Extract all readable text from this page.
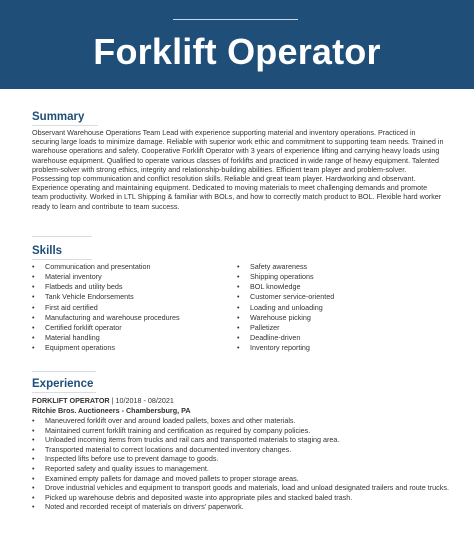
Forklift Operator
Summary
Observant Warehouse Operations Team Lead with experience supporting material and inventory operations. Practiced in securing large loads to minimize damage. Reliable with superior work ethic and commitment to supporting team needs. Trained in warehouse operations and safety. Cooperative Forklift Operator with 3 years of experience lifting and carrying heavy loads using warehouse equipment. Qualified to operate various classes of forklifts and practiced in wide range of heavy equipment. Talented problem-solver with strong ethics, integrity and relationship-building abilities. Efficient team player and problem-solver. Possessing top communication and conflict resolution skills. Reliable and great team player. Hardworking and observant. Experience operating and maintaining equipment. Dedicated to moving materials to meet challenging demands and promote team productivity. Worked in LTL Shipping & familiar with BOLs, and how to correctly match product to BOL. Flexible hard worker ready to learn and contribute to team success.
Skills
• Communication and presentation
• Material inventory
• Flatbeds and utility beds
• Tank Vehicle Endorsements
• First aid certified
• Manufacturing and warehouse procedures
• Certified forklift operator
• Material handling
• Equipment operations
• Safety awareness
• Shipping operations
• BOL knowledge
• Customer service-oriented
• Loading and unloading
• Warehouse picking
• Palletizer
• Deadline-driven
• Inventory reporting
Experience
FORKLIFT OPERATOR | 10/2018 - 08/2021
Ritchie Bros. Auctioneers - Chambersburg, PA
• Maneuvered forklift over and around loaded pallets, boxes and other materials.
• Maintained current forklift training and certification as required by company policies.
• Unloaded incoming items from trucks and rail cars and transported materials to staging area.
• Transported material to correct locations and documented inventory changes.
• Inspected lifts before use to prevent damage to goods.
• Reported safety and quality issues to management.
• Examined empty pallets for damage and moved pallets to proper storage areas.
• Drove industrial vehicles and equipment to transport goods and materials, load and unload designated trailers and route trucks.
• Picked up warehouse debris and deposited waste into appropriate piles and stacked baled trash.
• Noted and recorded receipt of materials on drivers' paperwork.
